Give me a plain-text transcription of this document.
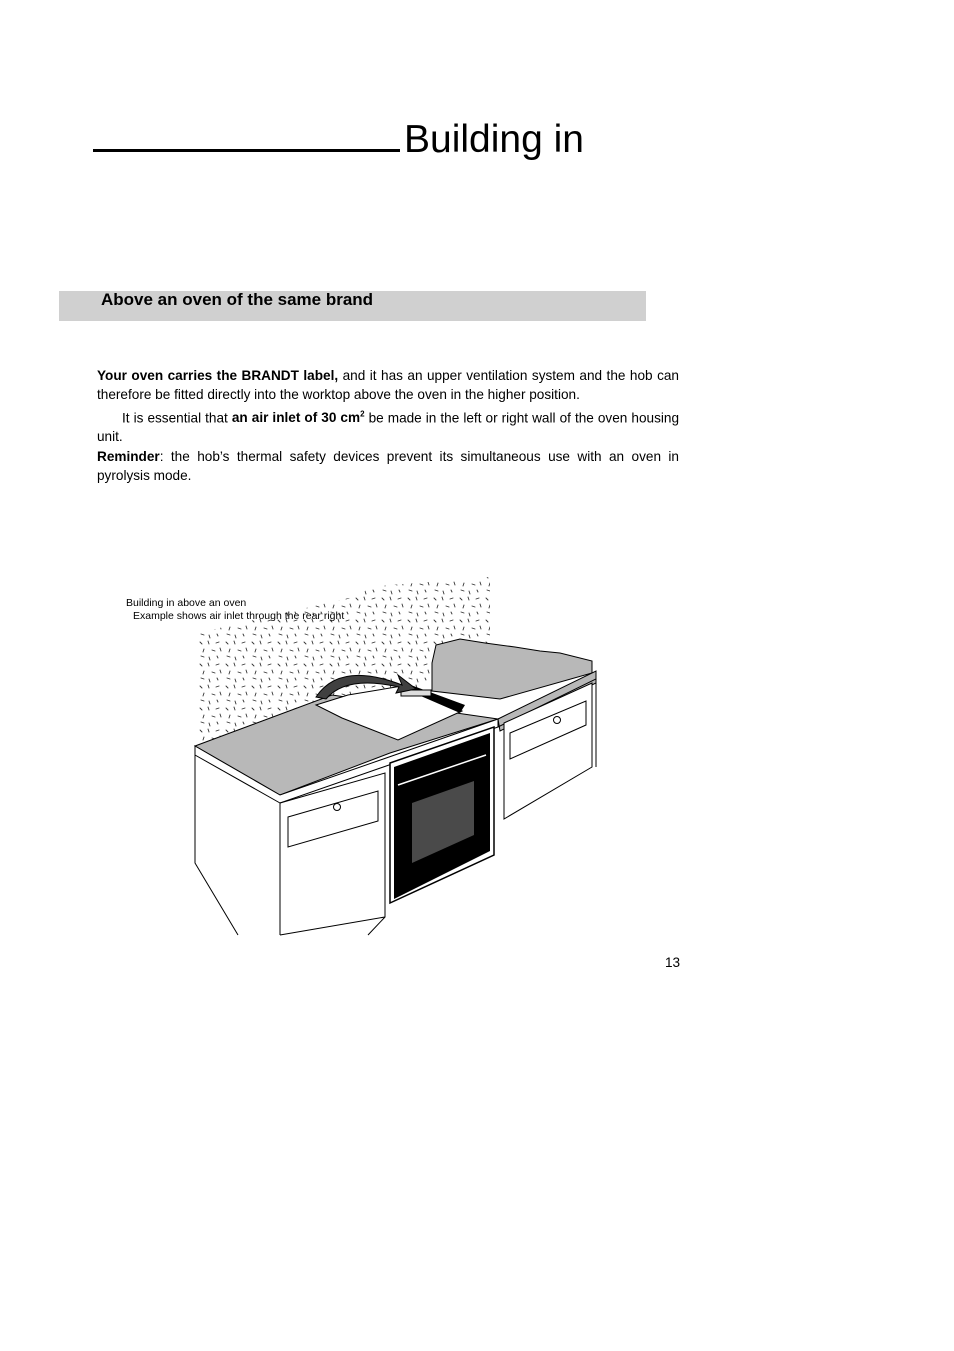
Building in
Above an oven of the same brand

Your oven carries the BRANDT label, and it has an upper ventilation system and the hob can therefore be fitted directly into the worktop above the oven in the higher position.

It is essential that an air inlet of 30 $cm^2$ be made in the left or right wall of the oven housing unit.

Reminder: the hob’s thermal safety devices prevent its simultaneous use with an oven in pyrolysis mode.

Building in above an oven
Example shows air inlet through the rear right
13
